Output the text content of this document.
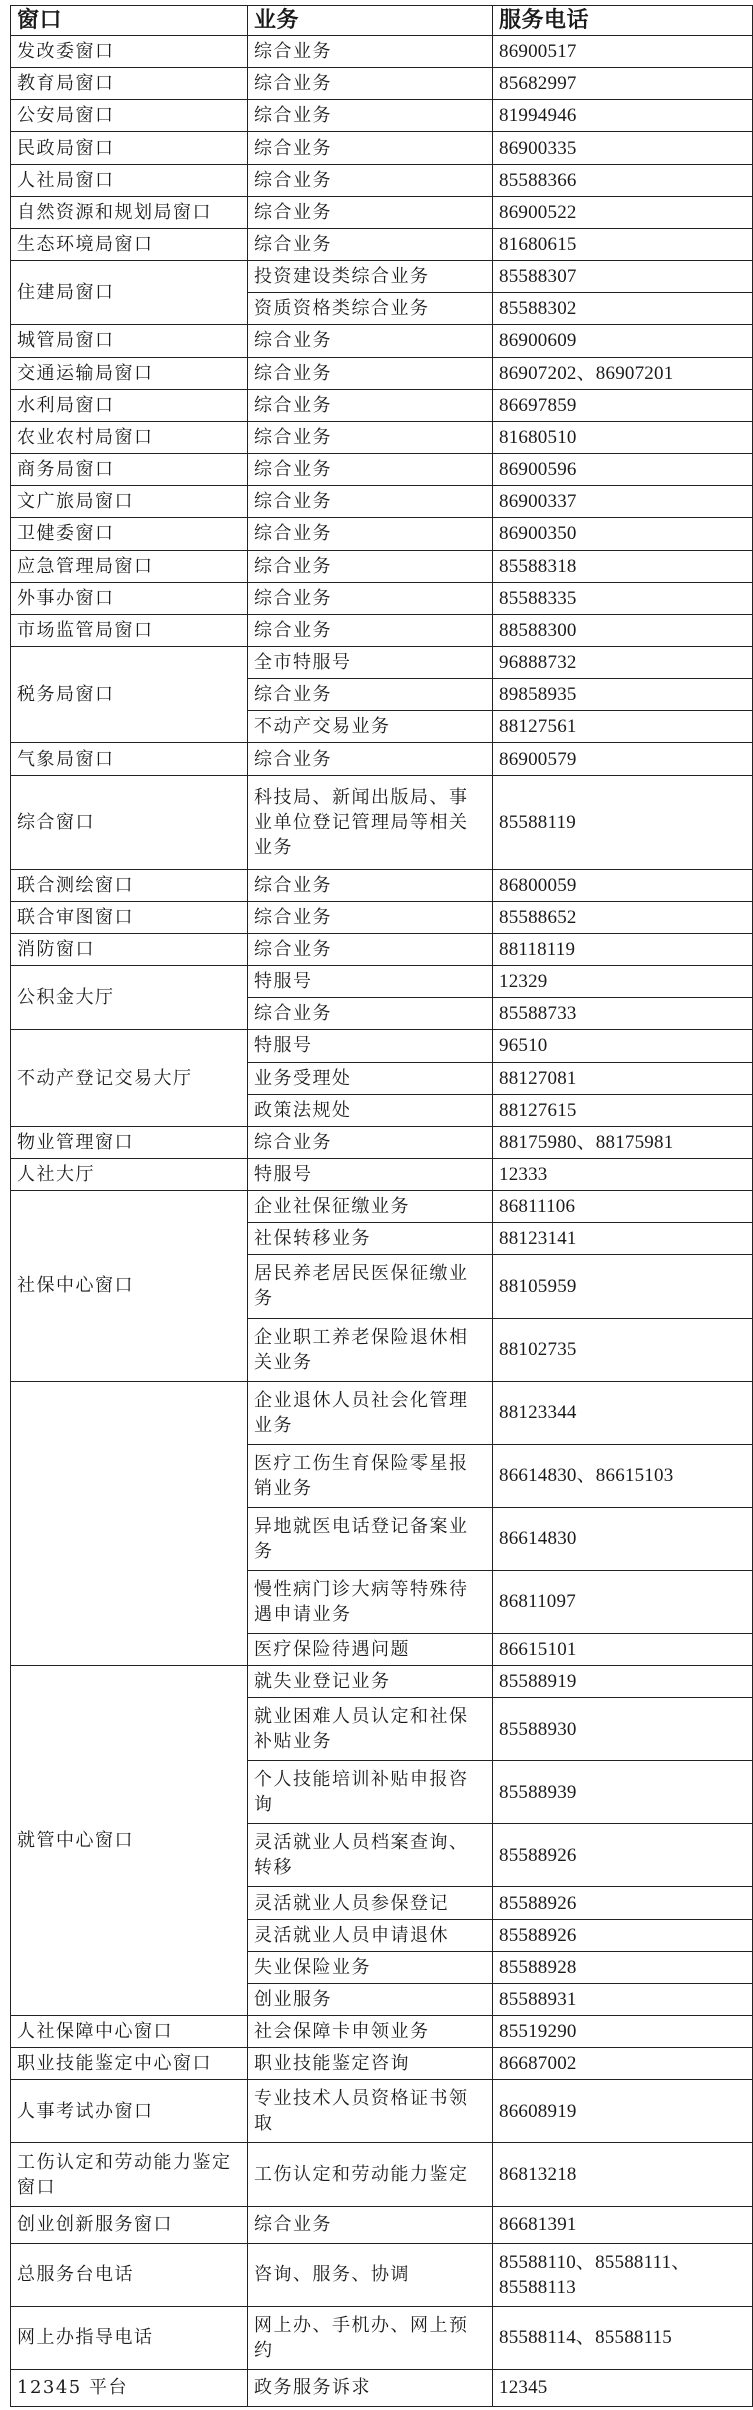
窗口	业务	服务电话
发改委窗口	综合业务	86900517
教育局窗口	综合业务	85682997
公安局窗口	综合业务	81994946
民政局窗口	综合业务	86900335
人社局窗口	综合业务	85588366
自然资源和规划局窗口	综合业务	86900522
生态环境局窗口	综合业务	81680615
住建局窗口	投资建设类综合业务	85588307
	资质资格类综合业务	85588302
城管局窗口	综合业务	86900609
交通运输局窗口	综合业务	86907202、86907201
水利局窗口	综合业务	86697859
农业农村局窗口	综合业务	81680510
商务局窗口	综合业务	86900596
文广旅局窗口	综合业务	86900337
卫健委窗口	综合业务	86900350
应急管理局窗口	综合业务	85588318
外事办窗口	综合业务	85588335
市场监管局窗口	综合业务	88588300
税务局窗口	全市特服号	96888732
	综合业务	89858935
	不动产交易业务	88127561
气象局窗口	综合业务	86900579
综合窗口	科技局、新闻出版局、事业单位登记管理局等相关业务	85588119
联合测绘窗口	综合业务	86800059
联合审图窗口	综合业务	85588652
消防窗口	综合业务	88118119
公积金大厅	特服号	12329
	综合业务	85588733
不动产登记交易大厅	特服号	96510
	业务受理处	88127081
	政策法规处	88127615
物业管理窗口	综合业务	88175980、88175981
人社大厅	特服号	12333
社保中心窗口	企业社保征缴业务	86811106
	社保转移业务	88123141
	居民养老居民医保征缴业务	88105959
	企业职工养老保险退休相关业务	88102735
	企业退休人员社会化管理业务	88123344
	医疗工伤生育保险零星报销业务	86614830、86615103
	异地就医电话登记备案业务	86614830
	慢性病门诊大病等特殊待遇申请业务	86811097
	医疗保险待遇问题	86615101
就管中心窗口	就失业登记业务	85588919
	就业困难人员认定和社保补贴业务	85588930
	个人技能培训补贴申报咨询	85588939
	灵活就业人员档案查询、转移	85588926
	灵活就业人员参保登记	85588926
	灵活就业人员申请退休	85588926
	失业保险业务	85588928
	创业服务	85588931
人社保障中心窗口	社会保障卡申领业务	85519290
职业技能鉴定中心窗口	职业技能鉴定咨询	86687002
人事考试办窗口	专业技术人员资格证书领取	86608919
工伤认定和劳动能力鉴定窗口	工伤认定和劳动能力鉴定	86813218
创业创新服务窗口	综合业务	86681391
总服务台电话	咨询、服务、协调	85588110、85588111、85588113
网上办指导电话	网上办、手机办、网上预约	85588114、85588115
12345 平台	政务服务诉求	12345
